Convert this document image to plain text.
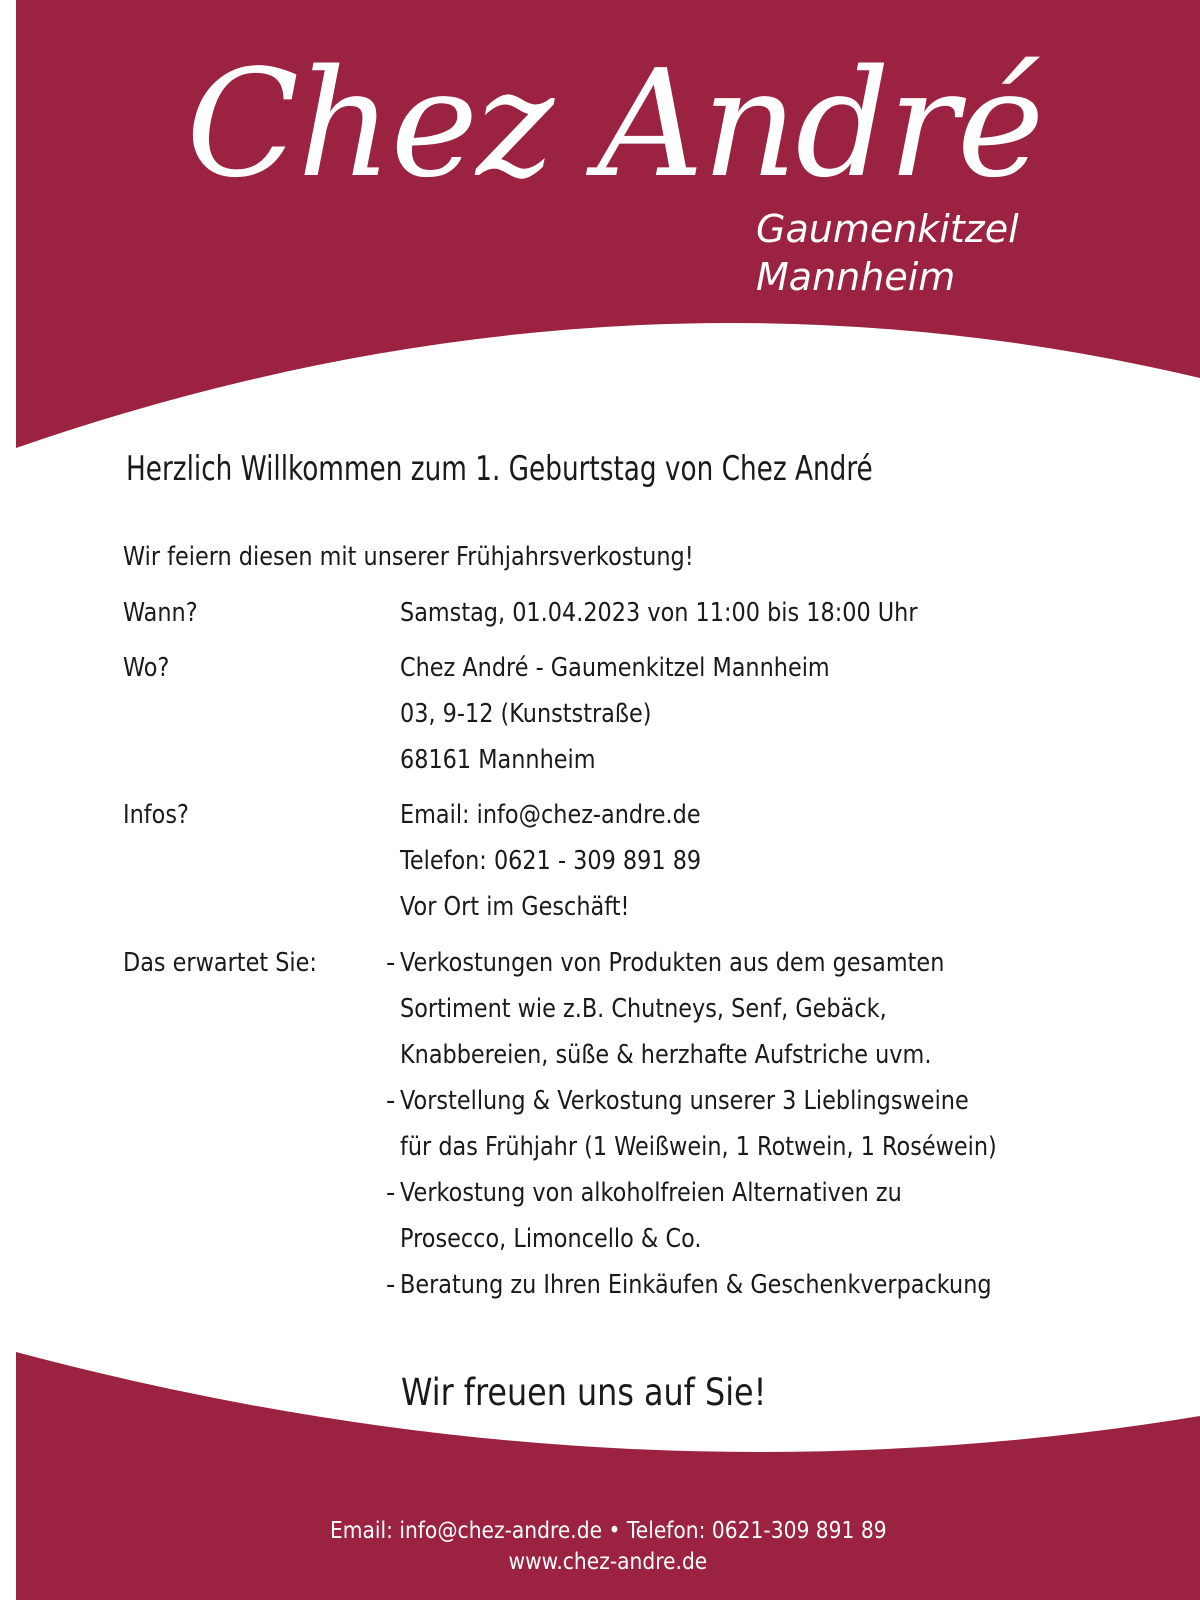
Chez André
Gaumenkitzel
Mannheim
Herzlich Willkommen zum 1. Geburtstag von Chez André
Wir feiern diesen mit unserer Frühjahrsverkostung!
Wann?	Samstag, 01.04.2023 von 11:00 bis 18:00 Uhr
Wo?	Chez André - Gaumenkitzel Mannheim
03, 9-12 (Kunststraße)
68161 Mannheim
Infos?	Email: info@chez-andre.de
Telefon: 0621 - 309 891 89
Vor Ort im Geschäft!
Das erwartet Sie:	- Verkostungen von Produkten aus dem gesamten
Sortiment wie z.B. Chutneys, Senf, Gebäck,
Knabbereien, süße & herzhafte Aufstriche uvm.
- Vorstellung & Verkostung unserer 3 Lieblingsweine
für das Frühjahr (1 Weißwein, 1 Rotwein, 1 Roséwein)
- Verkostung von alkoholfreien Alternativen zu
Prosecco, Limoncello & Co.
- Beratung zu Ihren Einkäufen & Geschenkverpackung
Wir freuen uns auf Sie!
Email: info@chez-andre.de • Telefon: 0621-309 891 89
www.chez-andre.de
